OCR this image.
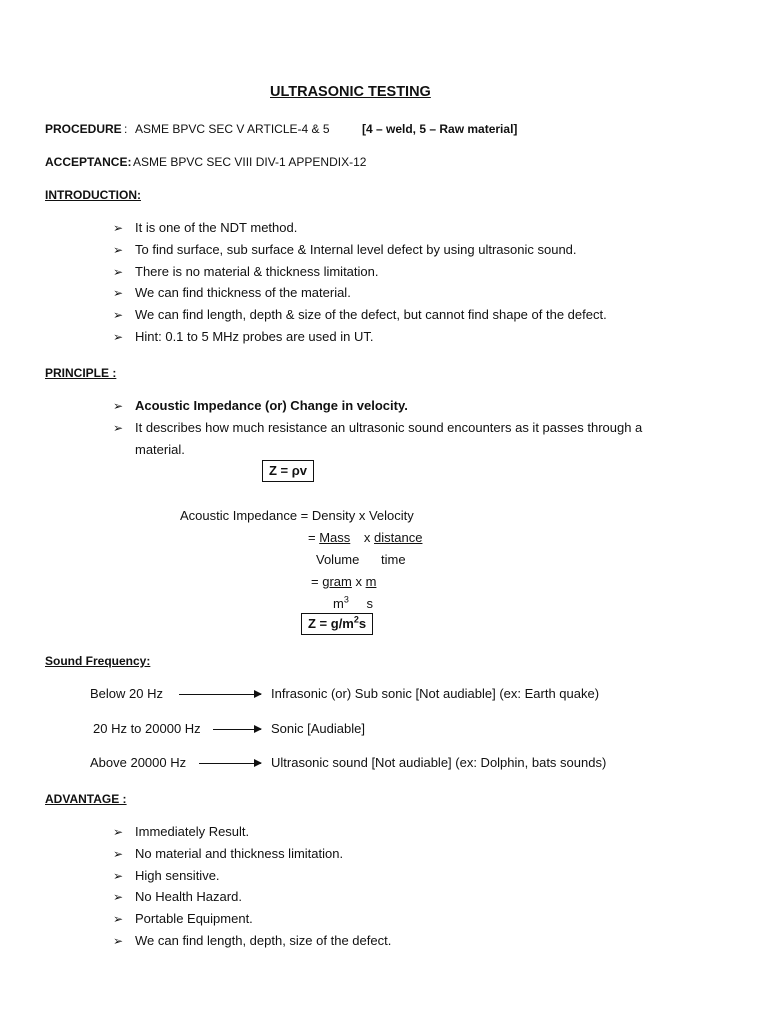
ULTRASONIC TESTING
PROCEDURE : ASME BPVC SEC V ARTICLE-4 & 5	[4 – weld, 5 – Raw material]
ACCEPTANCE: ASME BPVC SEC VIII DIV-1 APPENDIX-12
INTRODUCTION:
➢ It is one of the NDT method.
➢ To find surface, sub surface & Internal level defect by using ultrasonic sound.
➢ There is no material & thickness limitation.
➢ We can find thickness of the material.
➢ We can find length, depth & size of the defect, but cannot find shape of the defect.
➢ Hint: 0.1 to 5 MHz probes are used in UT.
PRINCIPLE :
➢ Acoustic Impedance (or) Change in velocity.
➢ It describes how much resistance an ultrasonic sound encounters as it passes through a
material.
Z = ρv
Acoustic Impedance = Density x Velocity
= Mass x distance
Volume time
= gram x m
$m^3$ s
$Z = g/m^2s$
Sound Frequency:
Below 20 Hz	Infrasonic (or) Sub sonic [Not audiable] (ex: Earth quake)
20 Hz to 20000 Hz	Sonic [Audiable]
Above 20000 Hz	Ultrasonic sound [Not audiable] (ex: Dolphin, bats sounds)
ADVANTAGE :
➢ Immediately Result.
➢ No material and thickness limitation.
➢ High sensitive.
➢ No Health Hazard.
➢ Portable Equipment.
➢ We can find length, depth, size of the defect.
